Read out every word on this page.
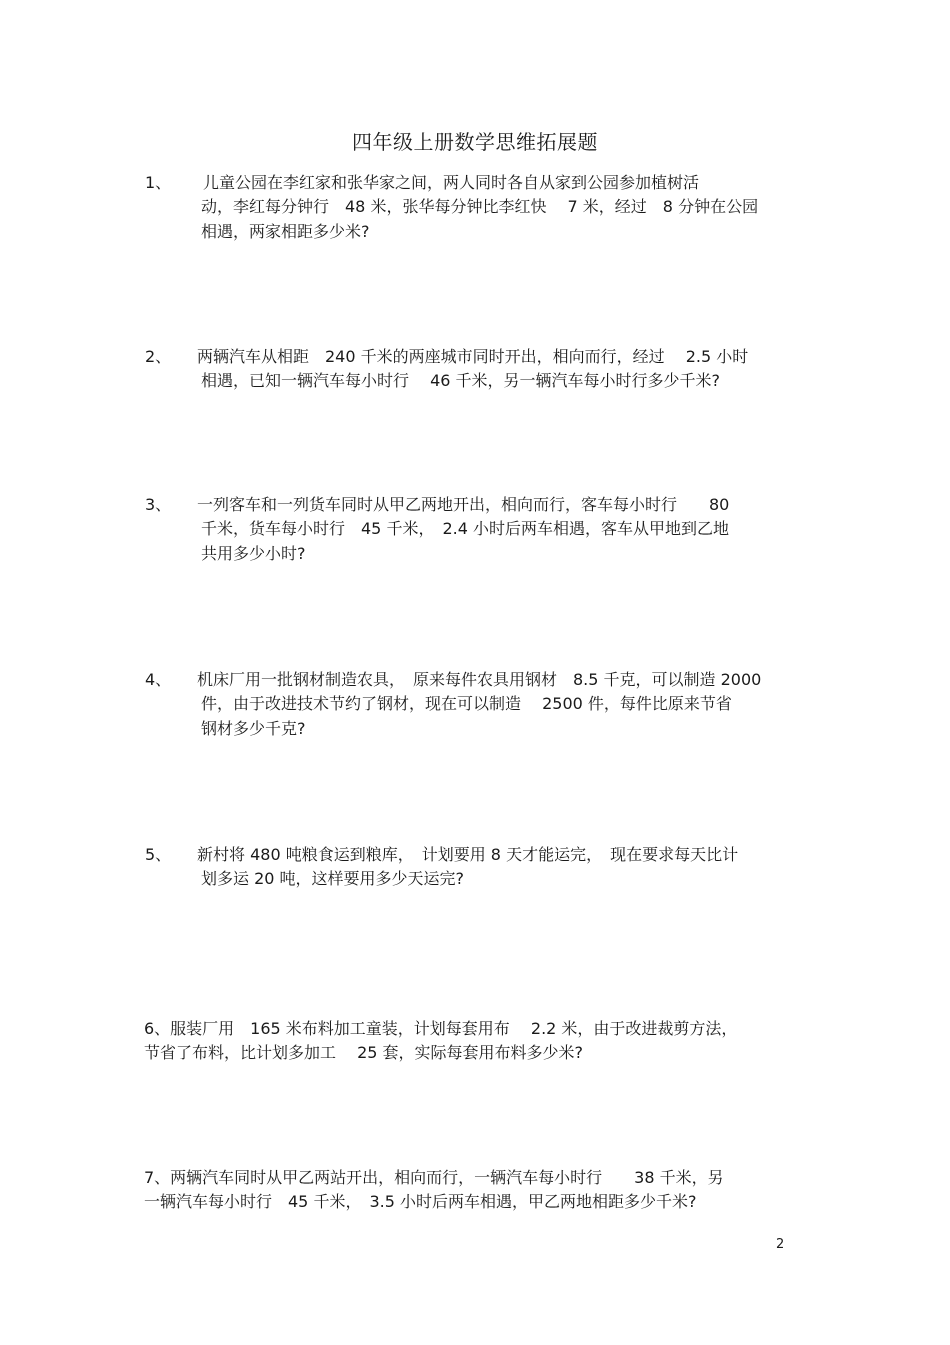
四年级上册数学思维拓展题
1、 儿童公园在李红家和张华家之间，两人同时各自从家到公园参加植树活
动，李红每分钟行　48 米，张华每分钟比李红快　 7 米，经过　8 分钟在公园
相遇，两家相距多少米?
2、 两辆汽车从相距　240 千米的两座城市同时开出，相向而行，经过　 2.5 小时
相遇，已知一辆汽车每小时行　 46 千米，另一辆汽车每小时行多少千米?
3、 一列客车和一列货车同时从甲乙两地开出，相向而行，客车每小时行　　80
千米，货车每小时行　45 千米，　2.4 小时后两车相遇，客车从甲地到乙地
共用多少小时?
4、 机床厂用一批钢材制造农具，　原来每件农具用钢材　8.5 千克，可以制造 2000
件，由于改进技术节约了钢材，现在可以制造　 2500 件，每件比原来节省
钢材多少千克?
5、 新村将 480 吨粮食运到粮库，　计划要用 8 天才能运完，　现在要求每天比计
划多运 20 吨，这样要用多少天运完?
6、服装厂用　165 米布料加工童装，计划每套用布　 2.2 米，由于改进裁剪方法，
节省了布料，比计划多加工　 25 套，实际每套用布料多少米?
7、两辆汽车同时从甲乙两站开出，相向而行，一辆汽车每小时行　　38 千米，另
一辆汽车每小时行　45 千米，　3.5 小时后两车相遇，甲乙两地相距多少千米?
2
